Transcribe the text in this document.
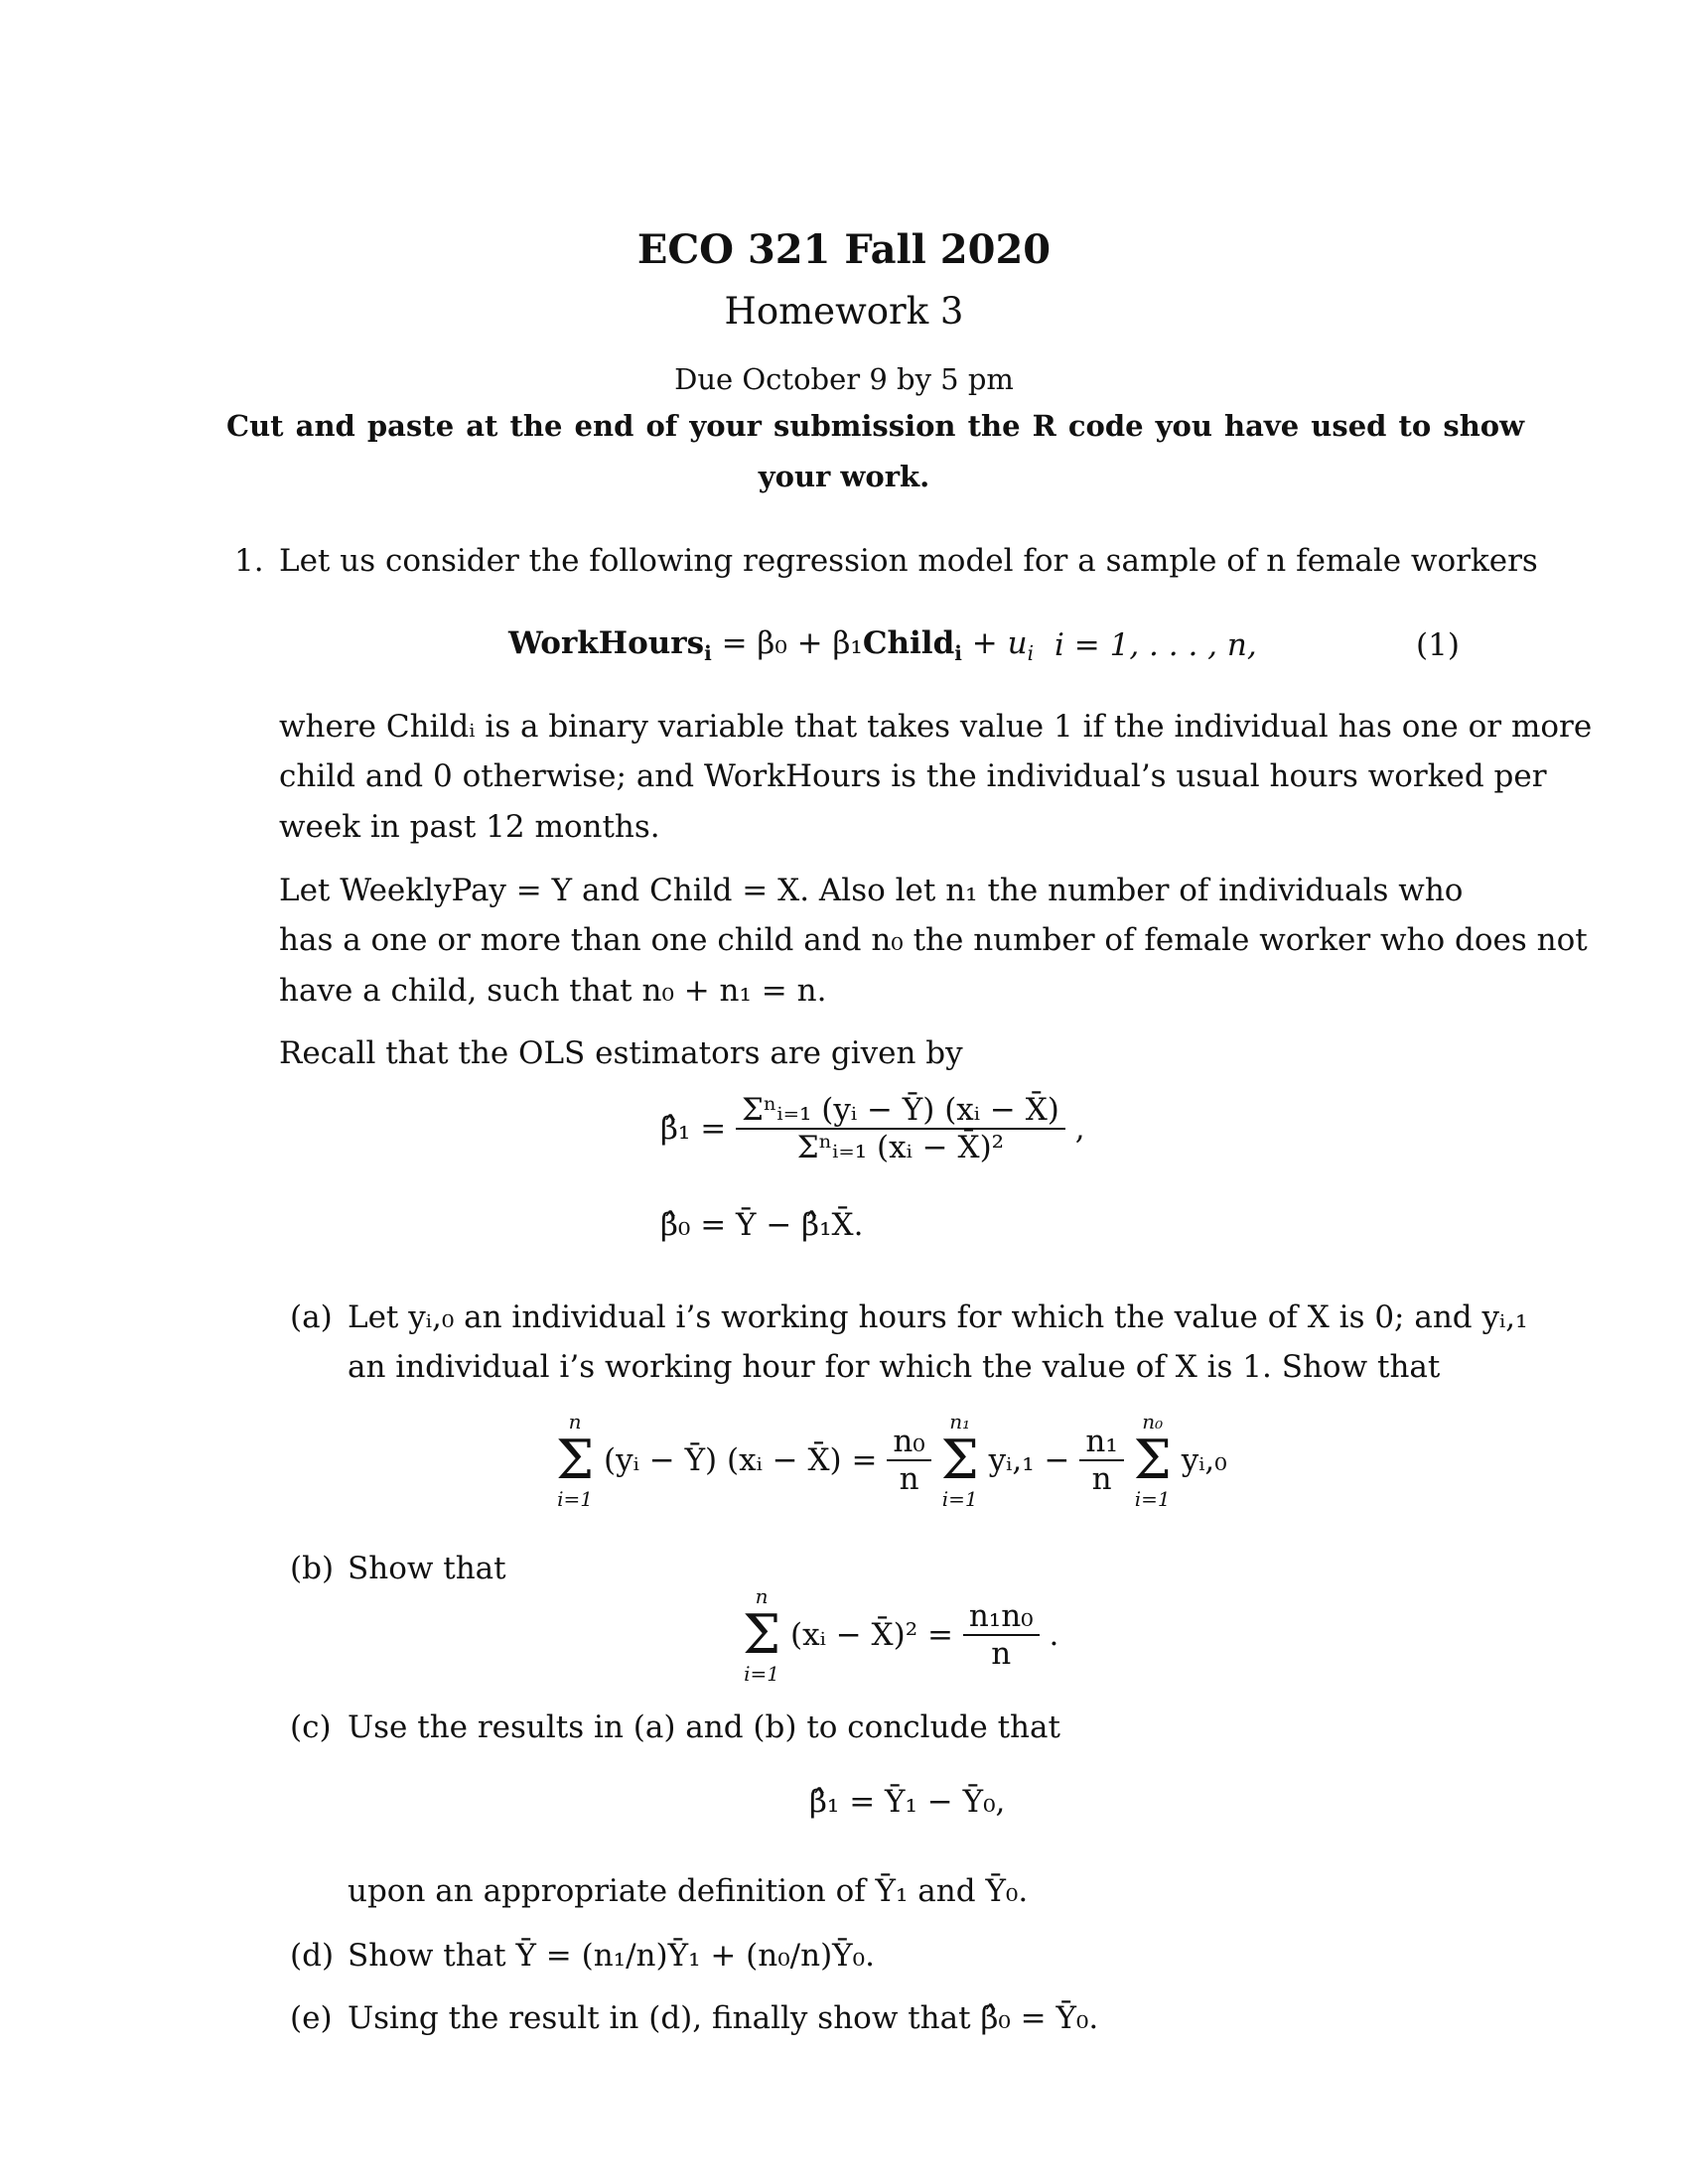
ECO 321 Fall 2020
Homework 3
Due October 9 by 5 pm
Cut and paste at the end of your submission the R code you have used to show
your work.
1. Let us consider the following regression model for a sample of n female workers
WorkHours$_i$ = β₀ + β₁Child$_i$ + $u_i$ i = 1, . . . , n,	(1)
where Childᵢ is a binary variable that takes value 1 if the individual has one or more
child and 0 otherwise; and WorkHours is the individual’s usual hours worked per
week in past 12 months.
Let WeeklyPay = Y and Child = X. Also let n₁ the number of individuals who
has a one or more than one child and n₀ the number of female worker who does not
have a child, such that n₀ + n₁ = n.
Recall that the OLS estimators are given by
β̂₁ = $\frac{\text{Σⁿᵢ₌₁ (yᵢ − Ȳ) (xᵢ − X̄)}}{\text{Σⁿᵢ₌₁ (xᵢ − X̄)²}}$ ,
β̂₀ = Ȳ − β̂₁X̄.
(a) Let yᵢ,₀ an individual i’s working hours for which the value of X is 0; and yᵢ,₁
an individual i’s working hour for which the value of X is 1. Show that
n
Σ
i=1
(yᵢ − Ȳ) (xᵢ − X̄) = $\frac{\text{n₀}}{n}$

n₁
Σ
i=1
yᵢ,₁ − $\frac{\text{n₁}}{n}$

n₀
Σ
i=1
yᵢ,₀
(b) Show that
n
Σ
i=1
(xᵢ − X̄)² = $\frac{\text{n₁n₀}}{n}$ .
(c) Use the results in (a) and (b) to conclude that
β̂₁ = Ȳ₁ − Ȳ₀,
upon an appropriate definition of Ȳ₁ and Ȳ₀.
(d) Show that Ȳ = (n₁/n)Ȳ₁ + (n₀/n)Ȳ₀.
(e) Using the result in (d), finally show that β̂₀ = Ȳ₀.
